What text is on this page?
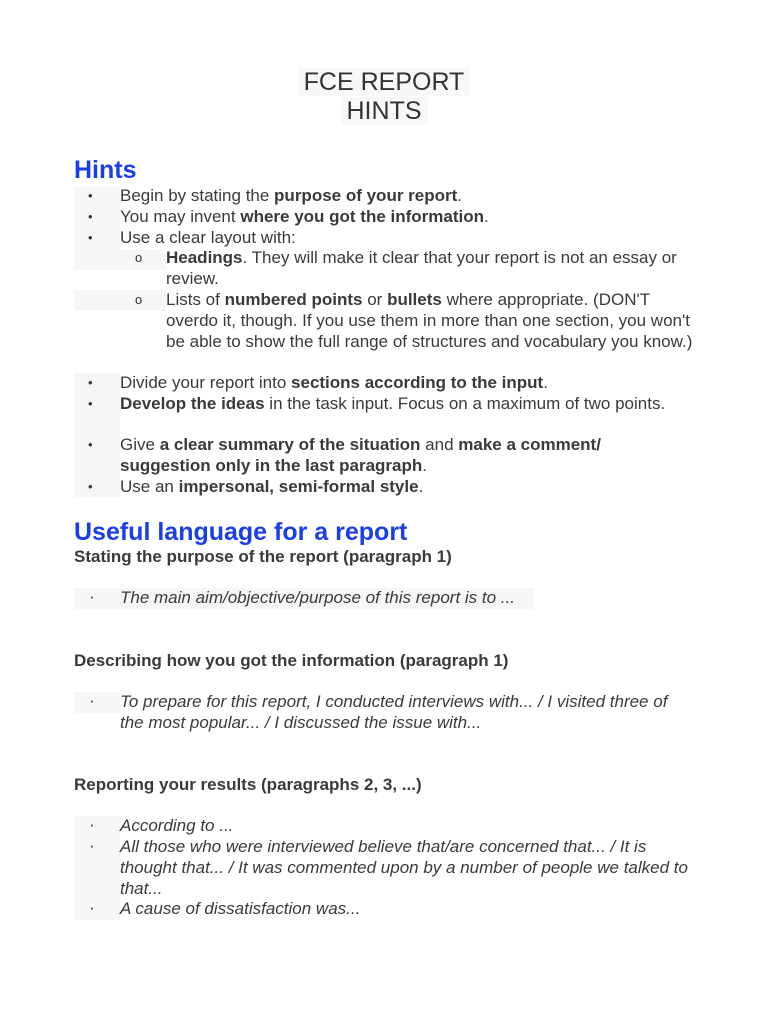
FCE REPORT
HINTS
Hints
• Begin by stating the purpose of your report.
• You may invent where you got the information.
• Use a clear layout with:
o Headings. They will make it clear that your report is not an essay or review.
o Lists of numbered points or bullets where appropriate. (DON'T overdo it, though. If you use them in more than one section, you won't be able to show the full range of structures and vocabulary you know.)
• Divide your report into sections according to the input.
• Develop the ideas in the task input. Focus on a maximum of two points.
• Give a clear summary of the situation and make a comment/ suggestion only in the last paragraph.
• Use an impersonal, semi-formal style.
Useful language for a report
Stating the purpose of the report (paragraph 1)
· The main aim/objective/purpose of this report is to ...
Describing how you got the information (paragraph 1)
· To prepare for this report, I conducted interviews with... / I visited three of the most popular... / I discussed the issue with...
Reporting your results (paragraphs 2, 3, ...)
· According to ...
· All those who were interviewed believe that/are concerned that... / It is thought that... / It was commented upon by a number of people we talked to that...
· A cause of dissatisfaction was...
